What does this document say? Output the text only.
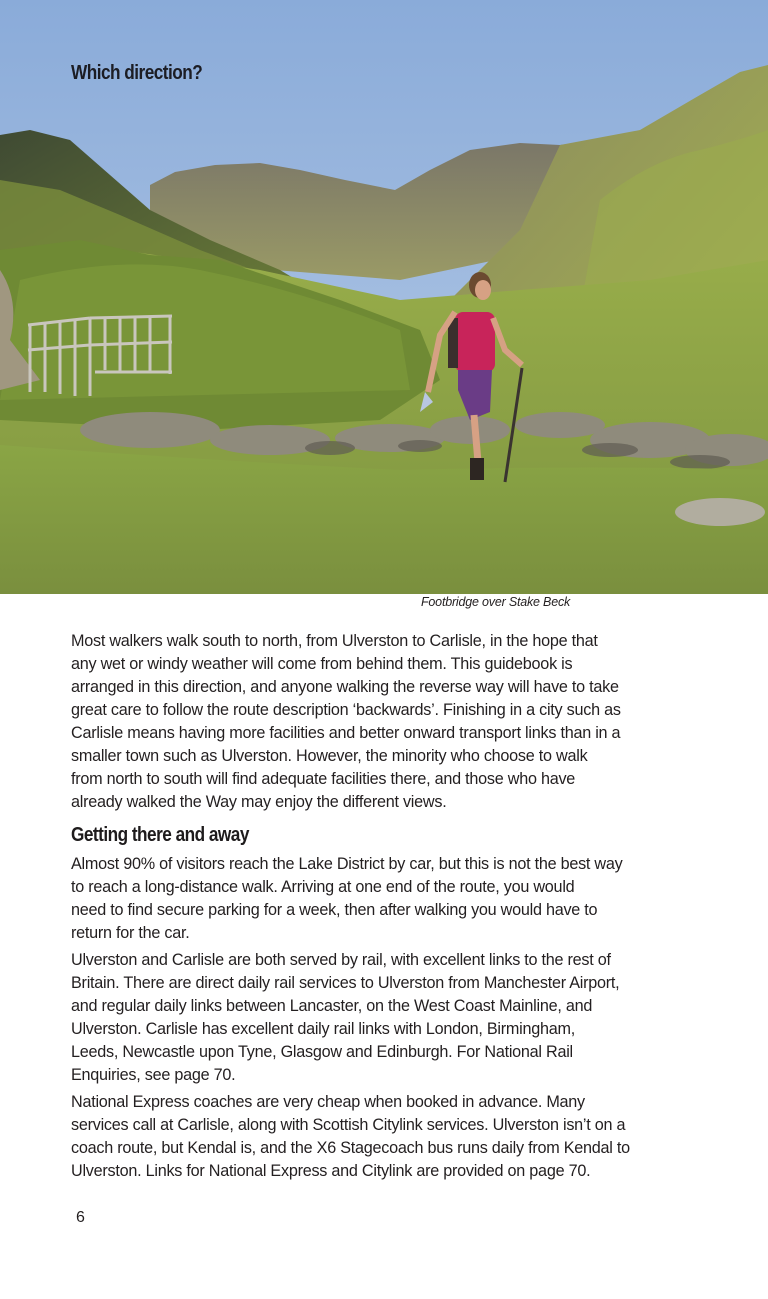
Which direction?
Footbridge over Stake Beck

Most walkers walk south to north, from Ulverston to Carlisle, in the hope that
any wet or windy weather will come from behind them. This guidebook is
arranged in this direction, and anyone walking the reverse way will have to take
great care to follow the route description ‘backwards’. Finishing in a city such as
Carlisle means having more facilities and better onward transport links than in a
smaller town such as Ulverston. However, the minority who choose to walk
from north to south will find adequate facilities there, and those who have
already walked the Way may enjoy the different views.

Getting there and away

Almost 90% of visitors reach the Lake District by car, but this is not the best way
to reach a long-distance walk. Arriving at one end of the route, you would
need to find secure parking for a week, then after walking you would have to
return for the car.

Ulverston and Carlisle are both served by rail, with excellent links to the rest of
Britain. There are direct daily rail services to Ulverston from Manchester Airport,
and regular daily links between Lancaster, on the West Coast Mainline, and
Ulverston. Carlisle has excellent daily rail links with London, Birmingham,
Leeds, Newcastle upon Tyne, Glasgow and Edinburgh. For National Rail
Enquiries, see page 70.

National Express coaches are very cheap when booked in advance. Many
services call at Carlisle, along with Scottish Citylink services. Ulverston isn’t on a
coach route, but Kendal is, and the X6 Stagecoach bus runs daily from Kendal to
Ulverston. Links for National Express and Citylink are provided on page 70.

6
